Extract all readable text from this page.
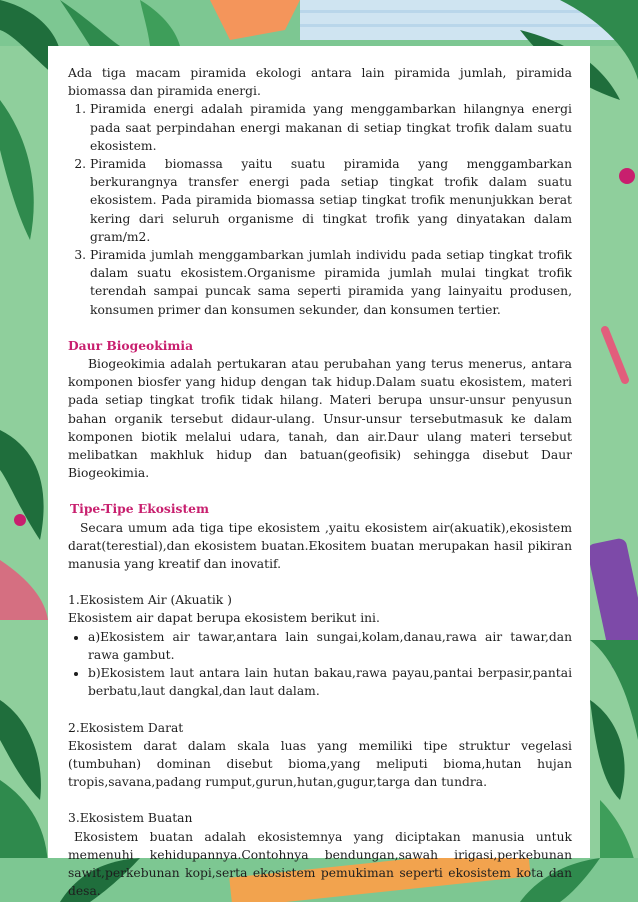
Ada tiga macam piramida ekologi antara lain piramida jumlah, piramida biomassa dan piramida energi.

1. Piramida energi adalah piramida yang menggambarkan hilangnya energi pada saat perpindahan energi makanan di setiap tingkat trofik dalam suatu ekosistem.
2. Piramida biomassa yaitu suatu piramida yang menggambarkan berkurangnya transfer energi pada setiap tingkat trofik dalam suatu ekosistem. Pada piramida biomassa setiap tingkat trofik menunjukkan berat kering dari seluruh organisme di tingkat trofik yang dinyatakan dalam gram/m2.
3. Piramida jumlah menggambarkan jumlah individu pada setiap tingkat trofik dalam suatu ekosistem.Organisme piramida jumlah mulai tingkat trofik terendah sampai puncak sama seperti piramida yang lainyaitu produsen, konsumen primer dan konsumen sekunder, dan konsumen tertier.
Daur Biogeokimia

Biogeokimia adalah pertukaran atau perubahan yang terus menerus, antara komponen biosfer yang hidup dengan tak hidup.Dalam suatu ekosistem, materi pada setiap tingkat trofik tidak hilang. Materi berupa unsur-unsur penyusun bahan organik tersebut didaur-ulang. Unsur-unsur tersebutmasuk ke dalam komponen biotik melalui udara, tanah, dan air.Daur ulang materi tersebut melibatkan makhluk hidup dan batuan(geofisik) sehingga disebut Daur Biogeokimia.

Tipe-Tipe Ekosistem

Secara umum ada tiga tipe ekosistem ,yaitu ekosistem air(akuatik),ekosistem darat(terestial),dan ekosistem buatan.Ekositem buatan merupakan hasil pikiran manusia yang kreatif dan inovatif.

1.Ekosistem Air (Akuatik )

Ekosistem air dapat berupa ekosistem berikut ini.

• a)Ekosistem air tawar,antara lain sungai,kolam,danau,rawa air tawar,dan rawa gambut.
• b)Ekosistem laut antara lain hutan bakau,rawa payau,pantai berpasir,pantai berbatu,laut dangkal,dan laut dalam.

2.Ekosistem Darat

Ekosistem darat dalam skala luas yang memiliki tipe struktur vegelasi (tumbuhan) dominan disebut bioma,yang meliputi bioma,hutan hujan tropis,savana,padang rumput,gurun,hutan,gugur,targa dan tundra.

3.Ekosistem Buatan

Ekosistem buatan adalah ekosistemnya yang diciptakan manusia untuk memenuhi kehidupannya.Contohnya bendungan,sawah irigasi,perkebunan sawit,perkebunan kopi,serta ekosistem pemukiman seperti ekosistem kota dan desa.
